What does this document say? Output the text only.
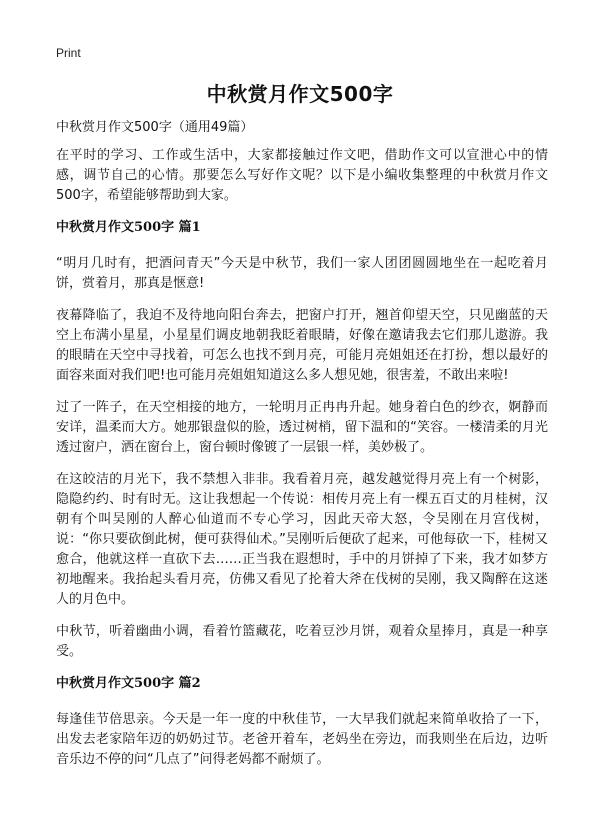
Print
中秋赏月作文500字
中秋赏月作文500字（通用49篇）

在平时的学习、工作或生活中，大家都接触过作文吧，借助作文可以宣泄心中的情感，调节自己的心情。那要怎么写好作文呢？以下是小编收集整理的中秋赏月作文500字，希望能够帮助到大家。

中秋赏月作文500字 篇1

“明月几时有，把酒问青天”今天是中秋节，我们一家人团团圆圆地坐在一起吃着月饼，赏着月，那真是惬意!

夜幕降临了，我迫不及待地向阳台奔去，把窗户打开，翘首仰望天空，只见幽蓝的天空上布满小星星，小星星们调皮地朝我眨着眼睛，好像在邀请我去它们那儿遨游。我的眼睛在天空中寻找着，可怎么也找不到月亮，可能月亮姐姐还在打扮，想以最好的面容来面对我们吧!也可能月亮姐姐知道这么多人想见她，很害羞，不敢出来啦!

过了一阵子，在天空相接的地方，一轮明月正冉冉升起。她身着白色的纱衣，婀静而安详，温柔而大方。她那银盘似的脸，透过树梢，留下温和的“笑容。一楼清柔的月光透过窗户，洒在窗台上，窗台顿时像镀了一层银一样，美妙极了。

在这皎洁的月光下，我不禁想入非非。我看着月亮，越发越觉得月亮上有一个树影，隐隐约约、时有时无。这让我想起一个传说：相传月亮上有一棵五百丈的月桂树，汉朝有个叫吴刚的人醉心仙道而不专心学习，因此天帝大怒，令吴刚在月宫伐树，说：“你只要砍倒此树，便可获得仙术。”吴刚听后便砍了起来，可他每砍一下，桂树又愈合，他就这样一直砍下去……正当我在遐想时，手中的月饼掉了下来，我才如梦方初地醒来。我抬起头看月亮，仿佛又看见了抡着大斧在伐树的吴刚，我又陶醉在这迷人的月色中。

中秋节，听着幽曲小调，看着竹篮藏花，吃着豆沙月饼，观着众星捧月，真是一种享受。

中秋赏月作文500字 篇2

每逢佳节倍思亲。今天是一年一度的中秋佳节，一大早我们就起来简单收拾了一下，出发去老家陪年迈的奶奶过节。老爸开着车，老妈坐在旁边，而我则坐在后边，边听音乐边不停的问“几点了”问得老妈都不耐烦了。
